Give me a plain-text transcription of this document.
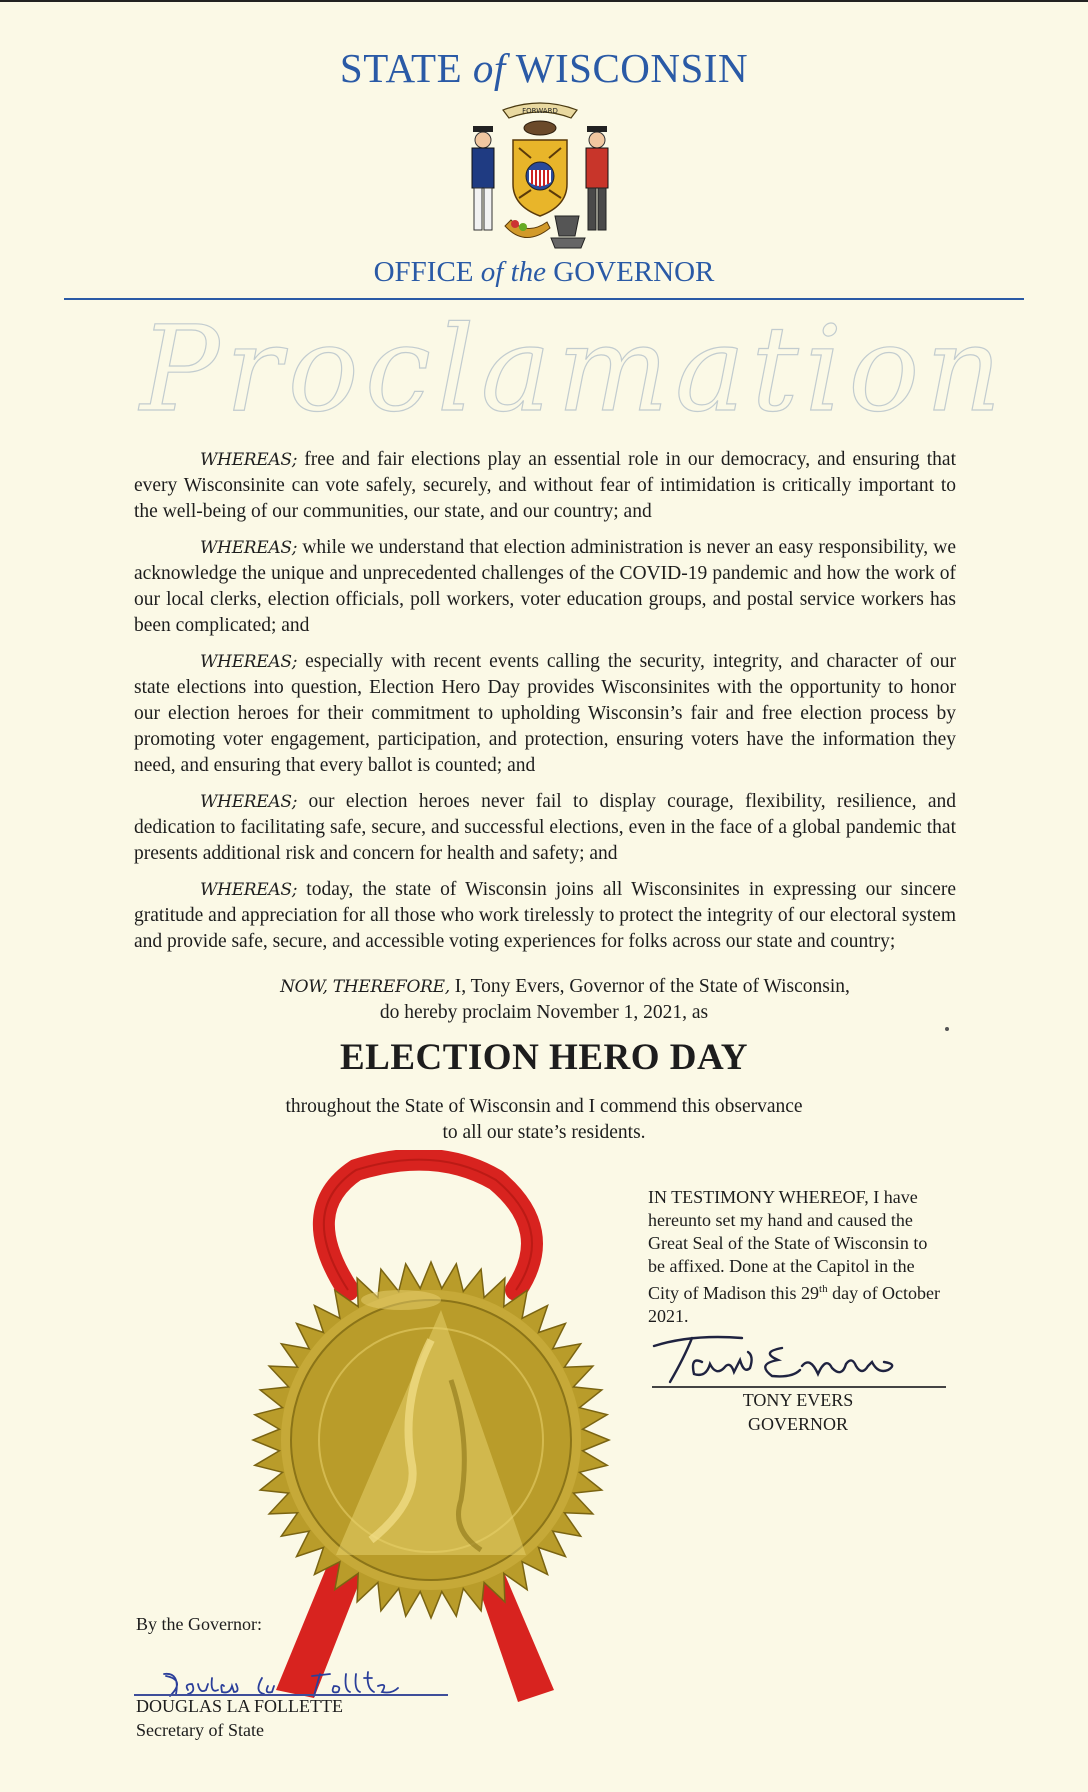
STATE of WISCONSIN
FORWARD
OFFICE of the GOVERNOR
Proclamation

WHEREAS; free and fair elections play an essential role in our democracy, and ensuring that every Wisconsinite can vote safely, securely, and without fear of intimidation is critically important to the well-being of our communities, our state, and our country; and

WHEREAS; while we understand that election administration is never an easy responsibility, we acknowledge the unique and unprecedented challenges of the COVID-19 pandemic and how the work of our local clerks, election officials, poll workers, voter education groups, and postal service workers has been complicated; and

WHEREAS; especially with recent events calling the security, integrity, and character of our state elections into question, Election Hero Day provides Wisconsinites with the opportunity to honor our election heroes for their commitment to upholding Wisconsin’s fair and free election process by promoting voter engagement, participation, and protection, ensuring voters have the information they need, and ensuring that every ballot is counted; and

WHEREAS; our election heroes never fail to display courage, flexibility, resilience, and dedication to facilitating safe, secure, and successful elections, even in the face of a global pandemic that presents additional risk and concern for health and safety; and

WHEREAS; today, the state of Wisconsin joins all Wisconsinites in expressing our sincere gratitude and appreciation for all those who work tirelessly to protect the integrity of our electoral system and provide safe, secure, and accessible voting experiences for folks across our state and country;

NOW, THEREFORE, I, Tony Evers, Governor of the State of Wisconsin,
do hereby proclaim November 1, 2021, as
ELECTION HERO DAY
throughout the State of Wisconsin and I commend this observance
to all our state’s residents.
IN TESTIMONY WHEREOF, I have hereunto set my hand and caused the Great Seal of the State of Wisconsin to be affixed. Done at the Capitol in the City of Madison this 29th day of October 2021.
TONY EVERS
GOVERNOR
By the Governor:
DOUGLAS LA FOLLETTE
Secretary of State
